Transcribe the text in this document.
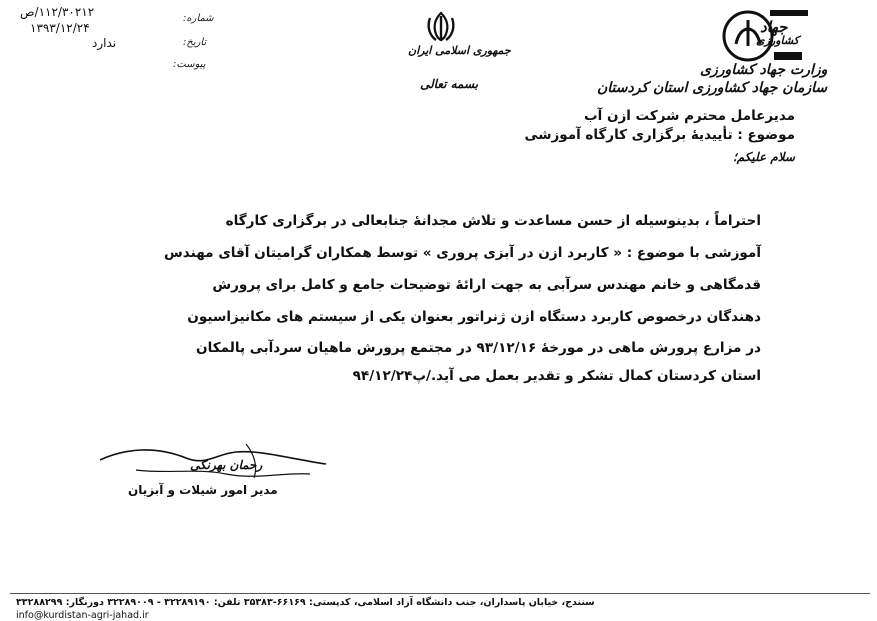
۱۱۲/۳۰۲۱۲/ص	شماره:
۱۳۹۳/۱۲/۲۴
تاریخ:
ندارد
پیوست:
جمهوری اسلامی ایران
بسمه تعالی
جهاد
کشاورزی
وزارت جهاد کشاورزی
سازمان جهاد کشاورزی استان کردستان
مدیرعامل محترم شرکت ازن آب
موضوع : تأییدیهٔ برگزاری کارگاه آموزشی
سلام علیکم؛
احتراماً ، بدینوسیله از حسن مساعدت و تلاش مجدانهٔ جنابعالی در برگزاری کارگاه
آموزشی با موضوع : « کاربرد ازن در آبزی پروری » توسط همکاران گرامیتان آقای مهندس
قدمگاهی و خانم مهندس سرآبی به جهت ارائهٔ توضیحات جامع و کامل برای پرورش
دهندگان درخصوص کاربرد دستگاه ازن ژنراتور بعنوان یکی از سیستم های مکانیزاسیون
در مزارع پرورش ماهی در مورخهٔ ۹۳/۱۲/۱۶ در مجتمع پرورش ماهیان سردآبی پالمکان
استان کردستان کمال تشکر و تقدیر بعمل می آید./پ۹۴/۱۲/۲۴
رحمان بهرنکی
مدیر امور شیلات و آبزیان
سنندج، خیابان پاسداران، جنب دانشگاه آزاد اسلامی، کدپستی: ۶۶۱۶۹-۳۵۳۸۳ تلفن: ۳۲۲۸۹۱۹۰ - ۳۲۲۸۹۰۰۹ دورنگار: ۳۳۲۸۸۲۹۹
info@kurdistan-agri-jahad.ir
